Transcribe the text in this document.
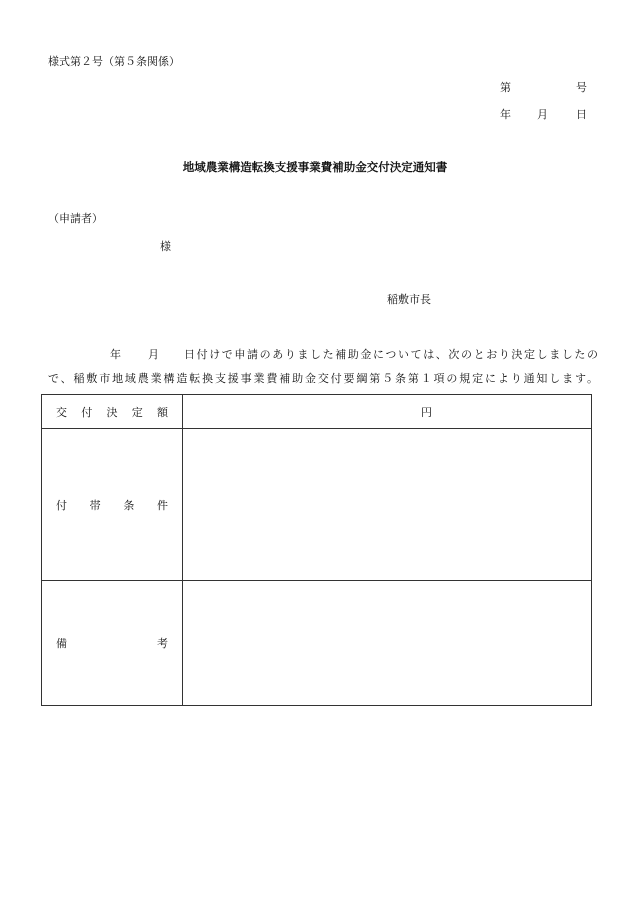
様式第２号（第５条関係）
第	号
年 月	日
地域農業構造転換支援事業費補助金交付決定通知書
（申請者）
様
稲敷市長
年 月 日付けで申請のありました補助金については、次のとおり決定しましたの
で、稲敷市地域農業構造転換支援事業費補助金交付要綱第５条第１項の規定により通知します。
交 付 決 定 額	円
付 帯 条 件
備	考
